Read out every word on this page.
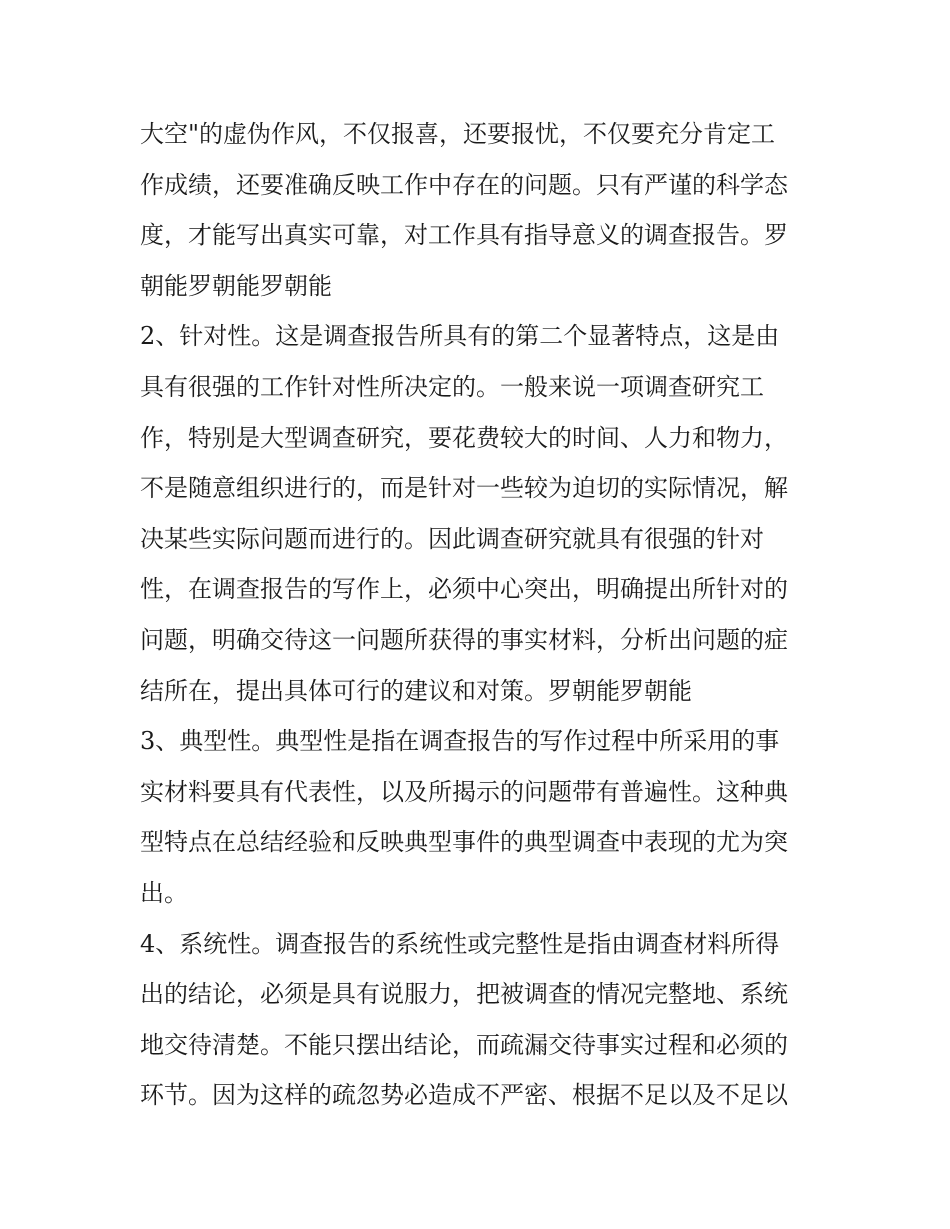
大空"的虚伪作风，不仅报喜，还要报忧，不仅要充分肯定工
作成绩，还要准确反映工作中存在的问题。只有严谨的科学态
度，才能写出真实可靠，对工作具有指导意义的调查报告。罗
朝能罗朝能罗朝能
2、针对性。这是调查报告所具有的第二个显著特点，这是由
具有很强的工作针对性所决定的。一般来说一项调查研究工
作，特别是大型调查研究，要花费较大的时间、人力和物力，
不是随意组织进行的，而是针对一些较为迫切的实际情况，解
决某些实际问题而进行的。因此调查研究就具有很强的针对
性，在调查报告的写作上，必须中心突出，明确提出所针对的
问题，明确交待这一问题所获得的事实材料，分析出问题的症
结所在，提出具体可行的建议和对策。罗朝能罗朝能
3、典型性。典型性是指在调查报告的写作过程中所采用的事
实材料要具有代表性，以及所揭示的问题带有普遍性。这种典
型特点在总结经验和反映典型事件的典型调查中表现的尤为突
出。
4、系统性。调查报告的系统性或完整性是指由调查材料所得
出的结论，必须是具有说服力，把被调查的情况完整地、系统
地交待清楚。不能只摆出结论，而疏漏交待事实过程和必须的
环节。因为这样的疏忽势必造成不严密、根据不足以及不足以
